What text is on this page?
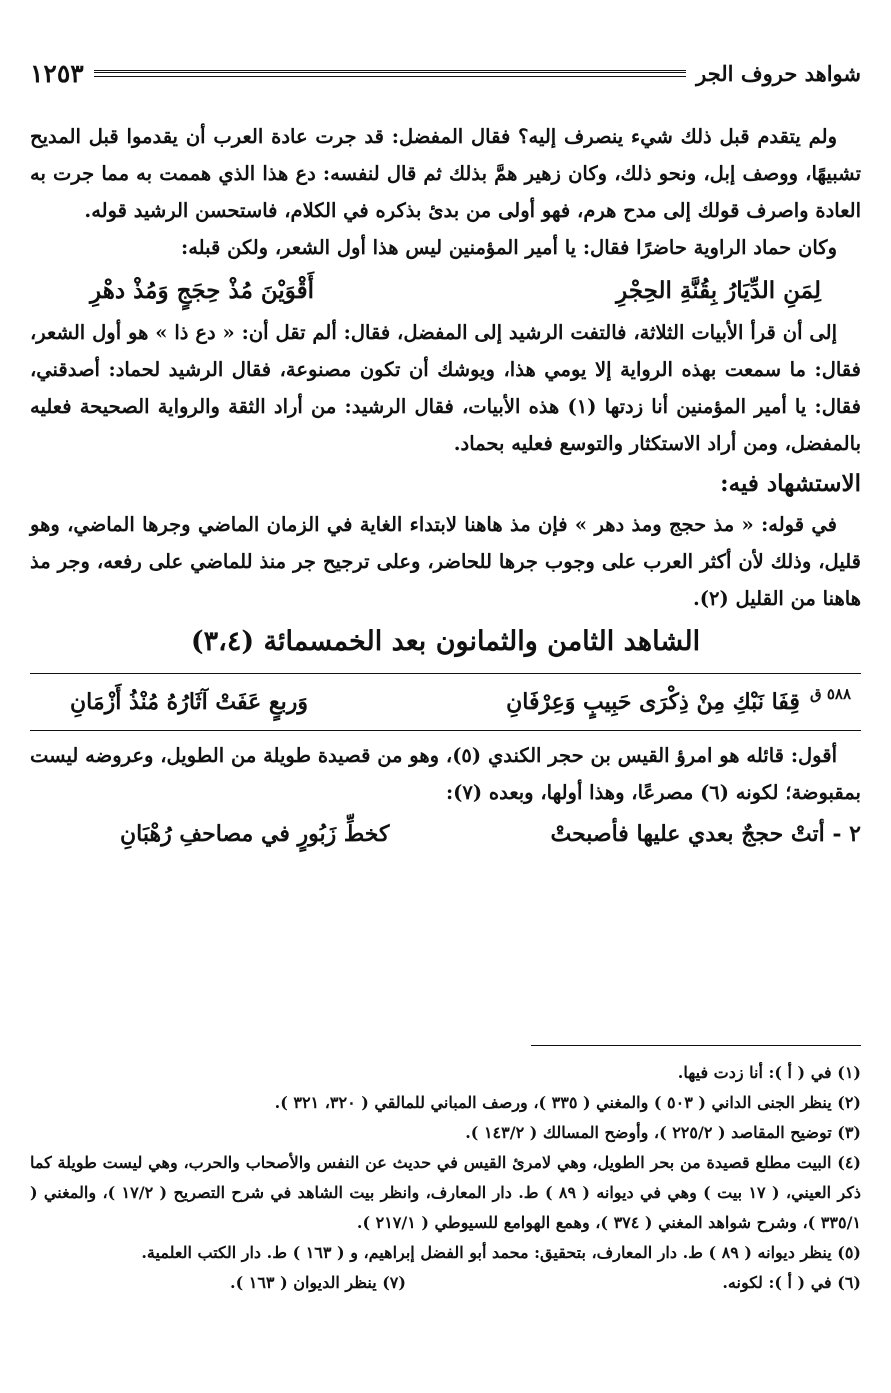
شواهد حروف الجر
١٢٥٣

ولم يتقدم قبل ذلك شيء ينصرف إليه؟ فقال المفضل: قد جرت عادة العرب أن يقدموا قبل المديح تشبيهًا، ووصف إبل، ونحو ذلك، وكان زهير همَّ بذلك ثم قال لنفسه: دع هذا الذي هممت به مما جرت به العادة واصرف قولك إلى مدح هرم، فهو أولى من بدئ بذكره في الكلام، فاستحسن الرشيد قوله.

وكان حماد الراوية حاضرًا فقال: يا أمير المؤمنين ليس هذا أول الشعر، ولكن قبله:

لِمَنِ الدِّيَارُ بِقُنَّةِ الحِجْرِ
أَقْوَيْنَ مُذْ حِجَجٍ وَمُذْ دهْرِ

إلى أن قرأ الأبيات الثلاثة، فالتفت الرشيد إلى المفضل، فقال: ألم تقل أن: « دع ذا » هو أول الشعر، فقال: ما سمعت بهذه الرواية إلا يومي هذا، ويوشك أن تكون مصنوعة، فقال الرشيد لحماد: أصدقني، فقال: يا أمير المؤمنين أنا زدتها (١) هذه الأبيات، فقال الرشيد: من أراد الثقة والرواية الصحيحة فعليه بالمفضل، ومن أراد الاستكثار والتوسع فعليه بحماد.

الاستشهاد فيه:

في قوله: « مذ حجج ومذ دهر » فإن مذ هاهنا لابتداء الغاية في الزمان الماضي وجرها الماضي، وهو قليل، وذلك لأن أكثر العرب على وجوب جرها للحاضر، وعلى ترجيح جر منذ للماضي على رفعه، وجر مذ هاهنا من القليل (٢).

الشاهد الثامن والثمانون بعد الخمسمائة (٣،٤)
٥٨٨ ق
قِفَا نَبْكِ مِنْ ذِكْرَى حَبِيبٍ وَعِرْفَانِ
وَربعٍ عَفَتْ آثَارُهُ مُنْذُ أَزْمَانِ

أقول: قائله هو امرؤ القيس بن حجر الكندي (٥)، وهو من قصيدة طويلة من الطويل، وعروضه ليست بمقبوضة؛ لكونه (٦) مصرعًا، وهذا أولها، وبعده (٧):

٢ - أتتْ حججٌ بعدي عليها فأصبحتْ
كخطِّ زَبُورٍ في مصاحفِ رُهْبَانِ
(١) في ( أ ): أنا زدت فيها.
(٢) ينظر الجنى الداني ( ٥٠٣ ) والمغني ( ٣٣٥ )، ورصف المباني للمالقي ( ٣٢٠، ٣٢١ ).
(٣) توضيح المقاصد ( ٢٢٥/٢ )، وأوضح المسالك ( ١٤٣/٢ ).
(٤) البيت مطلع قصيدة من بحر الطويل، وهي لامرئ القيس في حديث عن النفس والأصحاب والحرب، وهي ليست طويلة كما ذكر العيني، ( ١٧ بيت ) وهي في ديوانه ( ٨٩ ) ط. دار المعارف، وانظر بيت الشاهد في شرح التصريح ( ١٧/٢ )، والمغني ( ٣٣٥/١ )، وشرح شواهد المغني ( ٣٧٤ )، وهمع الهوامع للسيوطي ( ٢١٧/١ ).
(٥) ينظر ديوانه ( ٨٩ ) ط. دار المعارف، بتحقيق: محمد أبو الفضل إبراهيم، و ( ١٦٣ ) ط. دار الكتب العلمية.
(٦) في ( أ ): لكونه.
(٧) ينظر الديوان ( ١٦٣ ).
